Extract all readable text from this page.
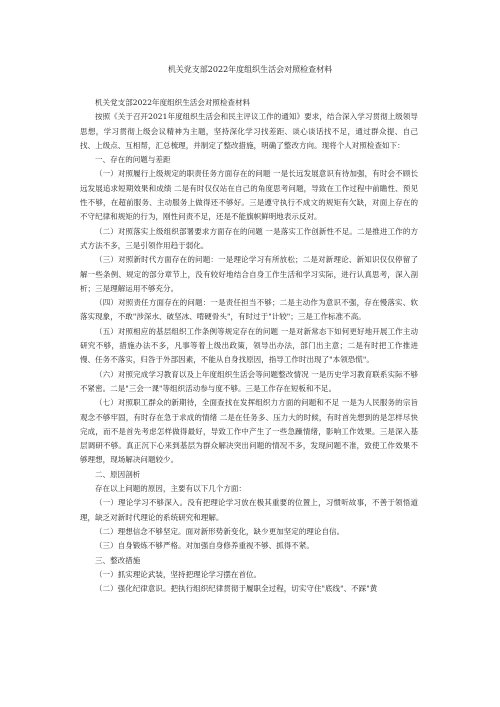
机关党支部2022年度组织生活会对照检查材料

机关党支部2022年度组织生活会对照检查材料

按照《关于召开2021年度组织生活会和民主评议工作的通知》要求，结合深入学习贯彻上级领导思想，学习贯彻上级会议精神为主题，坚持深化学习找差距、谈心谈话找不足，通过群众提、自己找、上级点、互相帮，汇总梳理，并制定了整改措施，明确了整改方向。现将个人对照检查如下：

一、存在的问题与差距

（一）对照履行上级规定的职责任务方面存在的问题 一是长远发展意识有待加强，有时会不顾长远发展追求短期效果和成绩 二是有时仅仅站在自己的角度思考问题，导致在工作过程中前瞻性、预见性不够，在超前服务、主动服务上做得还不够好。三是遵守执行不成文的规矩有欠缺，对面上存在的不守纪律和规矩的行为，刚性问责不足，还是不能旗帜鲜明地表示反对。

（二）对照落实上级组织部署要求方面存在的问题 一是落实工作创新性不足。二是推进工作的方式方法不多，三是引领作用趋于弱化。

（三）对照新时代方面存在的问题：一是理论学习有所放松；二是对新理论、新知识仅仅停留了解一些条例、规定的部分章节上，没有较好地结合自身工作生活和学习实际，进行认真思考，深入剖析；三是理解运用不够充分。

（四）对照责任方面存在的问题：一是责任担当不够；二是主动作为意识不强，存在慢落实、软落实现象，不敢"涉深水、破坚冰、啃硬骨头"，有时过于"计较"；三是工作标准不高。

（五）对照相应的基层组织工作条例等规定存在的问题 一是对新常态下如何更好地开展工作主动研究不够，措施办法不多，凡事等着上级出政策，领导出办法，部门出主意；二是有时把工作推进慢、任务不落实，归咎于外部因素，不能从自身找原因，指导工作时出现了"本领恐慌"。

（六）对照完成学习教育以及上年度组织生活会等问题整改情况 一是历史学习教育联系实际不够不紧密。二是"三会一课"等组织活动参与度不够。三是工作存在短板和不足。

（七）对照职工群众的新期待，全面查找在发挥组织力方面的问题和不足 一是为人民服务的宗旨观念不够牢固，有时存在急于求成的情绪 二是在任务多、压力大的时候，有时首先想到的是怎样尽快完成，而不是首先考虑怎样做得最好，导致工作中产生了一些急躁情绪，影响工作效果。三是深入基层调研不够。真正沉下心来到基层为群众解决突出问题的情况不多，发现问题不准，致使工作效果不够理想，现场解决问题较少。

二、原因剖析

存在以上问题的原因，主要有以下几个方面：

（一）理论学习不够深入。没有把理论学习放在极其重要的位置上，习惯听故事，不善于领悟道理，缺乏对新时代理论的系统研究和理解。

（二）理想信念不够坚定。面对新形势新变化，缺少更加坚定的理论自信。

（三）自身锻炼不够严格。对加强自身修养重视不够、抓得不紧。

三、整改措施

（一）抓实理论武装，坚持把理论学习摆在首位。

（二）强化纪律意识。把执行组织纪律贯彻于履职全过程，切实守住"底线"、不踩"黄
